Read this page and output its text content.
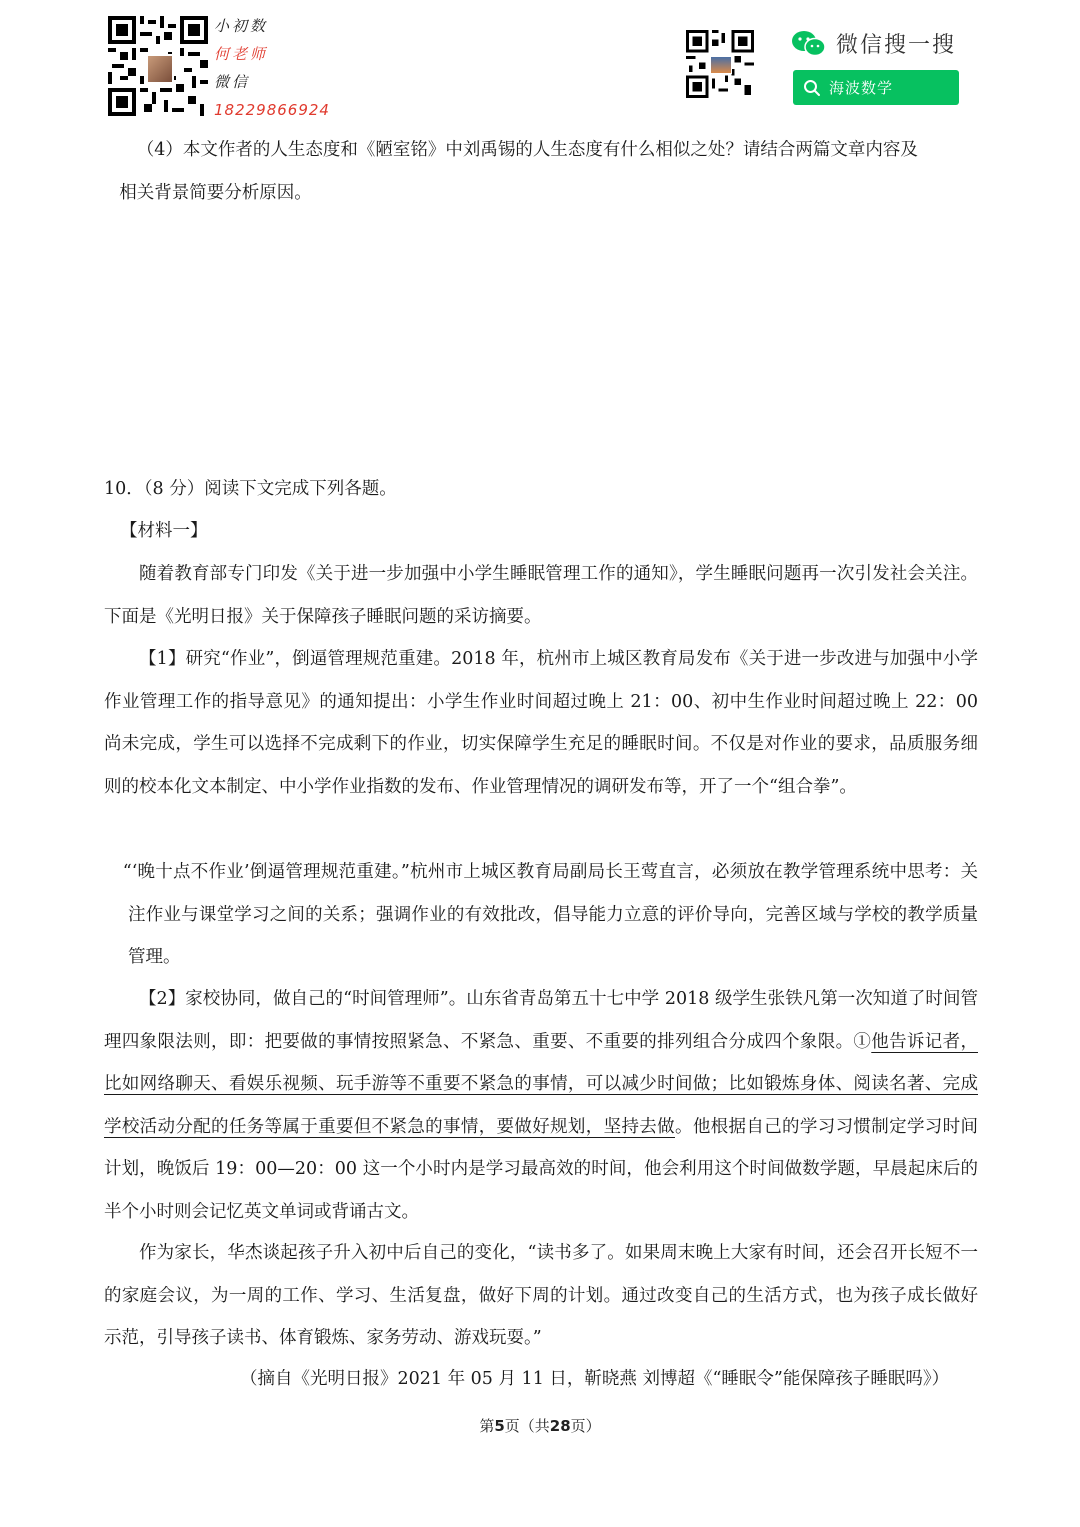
小初数
何老师
微信
18229866924
微信搜一搜
海波数学
（4）本文作者的人生态度和《陋室铭》中刘禹锡的人生态度有什么相似之处？请结合两篇文章内容及
相关背景简要分析原因。
10．（8 分）阅读下文完成下列各题。
【材料一】
随着教育部专门印发《关于进一步加强中小学生睡眠管理工作的通知》，学生睡眠问题再一次引发社会关注。下面是《光明日报》关于保障孩子睡眠问题的采访摘要。
【1】研究“作业”，倒逼管理规范重建。2018 年，杭州市上城区教育局发布《关于进一步改进与加强中小学作业管理工作的指导意见》的通知提出：小学生作业时间超过晚上 21：00、初中生作业时间超过晚上 22：00 尚未完成，学生可以选择不完成剩下的作业，切实保障学生充足的睡眠时间。不仅是对作业的要求，品质服务细则的校本化文本制定、中小学作业指数的发布、作业管理情况的调研发布等，开了一个“组合拳”。
“‘晚十点不作业’倒逼管理规范重建。”杭州市上城区教育局副局长王莺直言，必须放在教学管理系统中思考：关注作业与课堂学习之间的关系；强调作业的有效批改，倡导能力立意的评价导向，完善区域与学校的教学质量管理。
【2】家校协同，做自己的“时间管理师”。山东省青岛第五十七中学 2018 级学生张铁凡第一次知道了时间管理四象限法则，即：把要做的事情按照紧急、不紧急、重要、不重要的排列组合分成四个象限。①他告诉记者，比如网络聊天、看娱乐视频、玩手游等不重要不紧急的事情，可以减少时间做；比如锻炼身体、阅读名著、完成学校活动分配的任务等属于重要但不紧急的事情，要做好规划，坚持去做。他根据自己的学习习惯制定学习时间计划，晚饭后 19：00—20：00 这一个小时内是学习最高效的时间，他会利用这个时间做数学题，早晨起床后的半个小时则会记忆英文单词或背诵古文。
作为家长，华杰谈起孩子升入初中后自己的变化，“读书多了。如果周末晚上大家有时间，还会召开长短不一的家庭会议，为一周的工作、学习、生活复盘，做好下周的计划。通过改变自己的生活方式，也为孩子成长做好示范，引导孩子读书、体育锻炼、家务劳动、游戏玩耍。”
（摘自《光明日报》2021 年 05 月 11 日，靳晓燕 刘博超《“睡眠令”能保障孩子睡眠吗》）
第5页（共28页）
